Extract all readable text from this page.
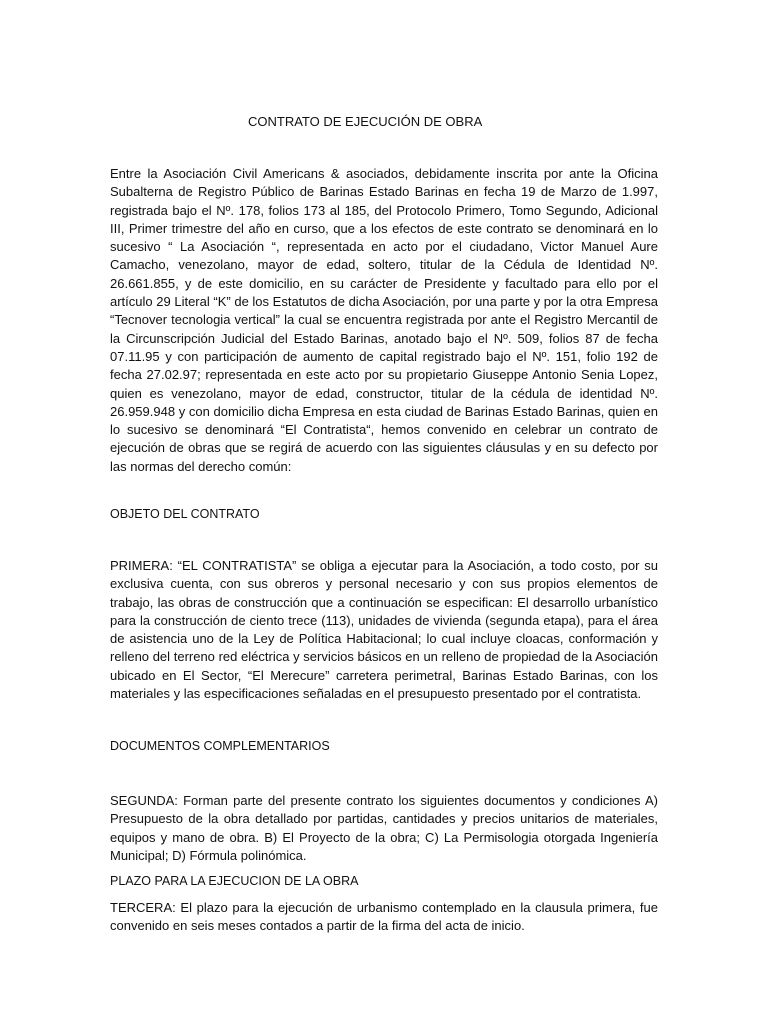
CONTRATO DE EJECUCIÓN DE OBRA

Entre la Asociación Civil Americans & asociados, debidamente inscrita por ante la Oficina Subalterna de Registro Público de Barinas Estado Barinas en fecha 19 de Marzo de 1.997, registrada bajo el Nº. 178, folios 173 al 185, del Protocolo Primero, Tomo Segundo, Adicional III, Primer trimestre del año en curso, que a los efectos de este contrato se denominará en lo sucesivo “ La Asociación “, representada en acto por el ciudadano, Victor Manuel Aure Camacho, venezolano, mayor de edad, soltero, titular de la Cédula de Identidad Nº. 26.661.855, y de este domicilio, en su carácter de Presidente y facultado para ello por el artículo 29 Literal “K” de los Estatutos de dicha Asociación, por una parte y por la otra Empresa “Tecnover tecnologia vertical” la cual se encuentra registrada por ante el Registro Mercantil de la Circunscripción Judicial del Estado Barinas, anotado bajo el Nº. 509, folios 87 de fecha 07.11.95 y con participación de aumento de capital registrado bajo el Nº. 151, folio 192 de fecha 27.02.97; representada en este acto por su propietario Giuseppe Antonio Senia Lopez, quien es venezolano, mayor de edad, constructor, titular de la cédula de identidad Nº. 26.959.948 y con domicilio dicha Empresa en esta ciudad de Barinas Estado Barinas, quien en lo sucesivo se denominará “El Contratista“, hemos convenido en celebrar un contrato de ejecución de obras que se regirá de acuerdo con las siguientes cláusulas y en su defecto por las normas del derecho común:

OBJETO DEL CONTRATO

PRIMERA: “EL CONTRATISTA” se obliga a ejecutar para la Asociación, a todo costo, por su exclusiva cuenta, con sus obreros y personal necesario y con sus propios elementos de trabajo, las obras de construcción que a continuación se especifican: El desarrollo urbanístico para la construcción de ciento trece (113), unidades de vivienda (segunda etapa), para el área de asistencia uno de la Ley de Política Habitacional; lo cual incluye cloacas, conformación y relleno del terreno red eléctrica y servicios básicos en un relleno de propiedad de la Asociación ubicado en El Sector, “El Merecure” carretera perimetral, Barinas Estado Barinas, con los materiales y las especificaciones señaladas en el presupuesto presentado por el contratista.

DOCUMENTOS COMPLEMENTARIOS

SEGUNDA: Forman parte del presente contrato los siguientes documentos y condiciones A) Presupuesto de la obra detallado por partidas, cantidades y precios unitarios de materiales, equipos y mano de obra. B) El Proyecto de la obra; C) La Permisologia otorgada Ingeniería Municipal; D) Fórmula polinómica.

PLAZO PARA LA EJECUCION DE LA OBRA

TERCERA: El plazo para la ejecución de urbanismo contemplado en la clausula primera, fue convenido en seis meses contados a partir de la firma del acta de inicio.
